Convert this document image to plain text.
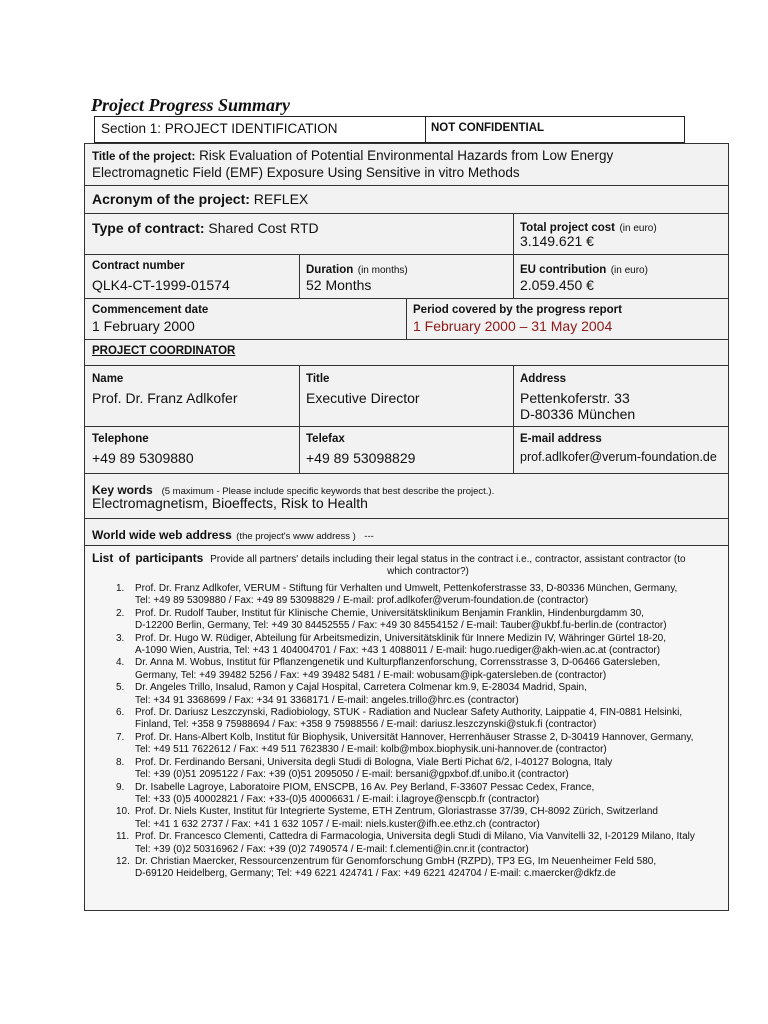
Project Progress Summary
Section 1: PROJECT IDENTIFICATION	NOT CONFIDENTIAL
Title of the project: Risk Evaluation of Potential Environmental Hazards from Low Energy
Electromagnetic Field (EMF) Exposure Using Sensitive in vitro Methods
Acronym of the project: REFLEX
Type of contract: Shared Cost RTD	Total project cost (in euro)
3.149.621 €
Contract number
QLK4-CT-1999-01574
Duration (in months)
52 Months
EU contribution (in euro)
2.059.450 €
Commencement date
1 February 2000
Period covered by the progress report
1 February 2000 – 31 May 2004
PROJECT COORDINATOR
Name
Prof. Dr. Franz Adlkofer
Title
Executive Director
Address
Pettenkoferstr. 33
D-80336 München
Telephone
+49 89 5309880
Telefax
+49 89 53098829
E-mail address
prof.adlkofer@verum-foundation.de
Key words (5 maximum - Please include specific keywords that best describe the project.).
Electromagnetism, Bioeffects, Risk to Health
World wide web address (the project's www address ) ---
List of participants Provide all partners' details including their legal status in the contract i.e., contractor, assistant contractor (to

which contractor?)
1. Prof. Dr. Franz Adlkofer, VERUM - Stiftung für Verhalten und Umwelt, Pettenkoferstrasse 33, D-80336 München, Germany,
Tel: +49 89 5309880 / Fax: +49 89 53098829 / E-mail: prof.adlkofer@verum-foundation.de (contractor)
2. Prof. Dr. Rudolf Tauber, Institut für Klinische Chemie, Universitätsklinikum Benjamin Franklin, Hindenburgdamm 30,
D-12200 Berlin, Germany, Tel: +49 30 84452555 / Fax: +49 30 84554152 / E-mail: Tauber@ukbf.fu-berlin.de (contractor)
3. Prof. Dr. Hugo W. Rüdiger, Abteilung für Arbeitsmedizin, Universitätsklinik für Innere Medizin IV, Währinger Gürtel 18-20,
A-1090 Wien, Austria, Tel: +43 1 404004701 / Fax: +43 1 4088011 / E-mail: hugo.ruediger@akh-wien.ac.at (contractor)
4. Dr. Anna M. Wobus, Institut für Pflanzengenetik und Kulturpflanzenforschung, Corrensstrasse 3, D-06466 Gatersleben,
Germany, Tel: +49 39482 5256 / Fax: +49 39482 5481 / E-mail: wobusam@ipk-gatersleben.de (contractor)
5. Dr. Angeles Trillo, Insalud, Ramon y Cajal Hospital, Carretera Colmenar km.9, E-28034 Madrid, Spain,
Tel: +34 91 3368699 / Fax: +34 91 3368171 / E-mail: angeles.trillo@hrc.es (contractor)
6. Prof. Dr. Dariusz Leszczynski, Radiobiology, STUK - Radiation and Nuclear Safety Authority, Laippatie 4, FIN-0881 Helsinki,
Finland, Tel: +358 9 75988694 / Fax: +358 9 75988556 / E-mail: dariusz.leszczynski@stuk.fi (contractor)
7. Prof. Dr. Hans-Albert Kolb, Institut für Biophysik, Universität Hannover, Herrenhäuser Strasse 2, D-30419 Hannover, Germany,
Tel: +49 511 7622612 / Fax: +49 511 7623830 / E-mail: kolb@mbox.biophysik.uni-hannover.de (contractor)
8. Prof. Dr. Ferdinando Bersani, Universita degli Studi di Bologna, Viale Berti Pichat 6/2, I-40127 Bologna, Italy
Tel: +39 (0)51 2095122 / Fax: +39 (0)51 2095050 / E-mail: bersani@gpxbof.df.unibo.it (contractor)
9. Dr. Isabelle Lagroye, Laboratoire PIOM, ENSCPB, 16 Av. Pey Berland, F-33607 Pessac Cedex, France,
Tel: +33 (0)5 40002821 / Fax: +33-(0)5 40006631 / E-mail: i.lagroye@enscpb.fr (contractor)
10. Prof. Dr. Niels Kuster, Institut für Integrierte Systeme, ETH Zentrum, Gloriastrasse 37/39, CH-8092 Zürich, Switzerland
Tel: +41 1 632 2737 / Fax: +41 1 632 1057 / E-mail: niels.kuster@ifh.ee.ethz.ch (contractor)
11. Prof. Dr. Francesco Clementi, Cattedra di Farmacologia, Universita degli Studi di Milano, Via Vanvitelli 32, I-20129 Milano, Italy
Tel: +39 (0)2 50316962 / Fax: +39 (0)2 7490574 / E-mail: f.clementi@in.cnr.it (contractor)
12. Dr. Christian Maercker, Ressourcenzentrum für Genomforschung GmbH (RZPD), TP3 EG, Im Neuenheimer Feld 580,
D-69120 Heidelberg, Germany; Tel: +49 6221 424741 / Fax: +49 6221 424704 / E-mail: c.maercker@dkfz.de
